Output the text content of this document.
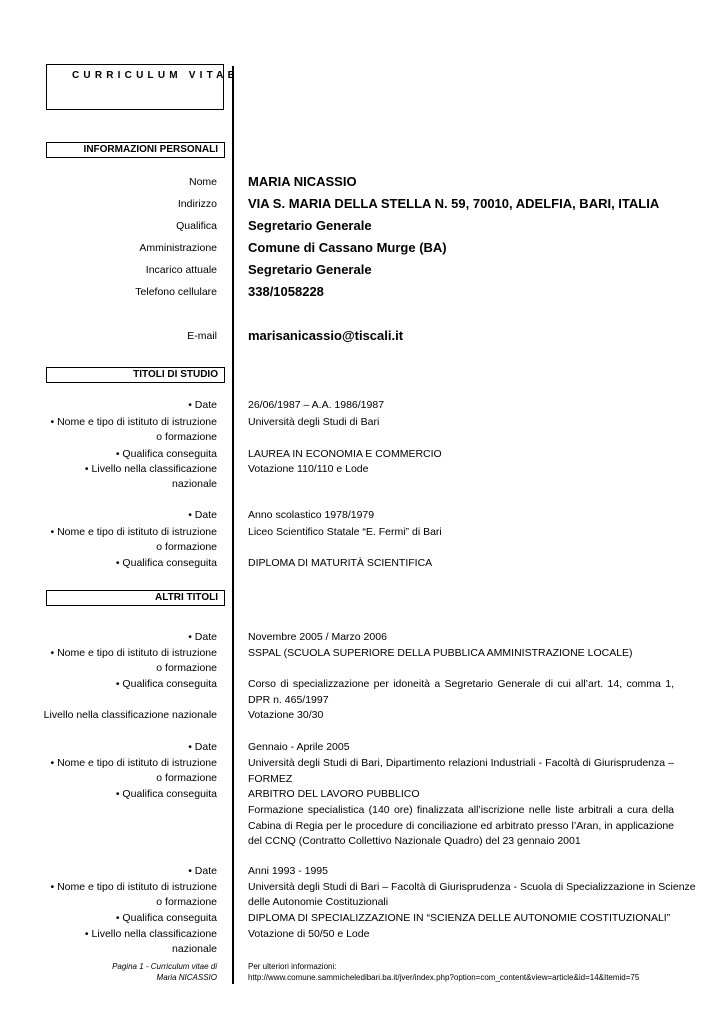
CURRICULUM VITAE
INFORMAZIONI PERSONALI
Nome MARIA NICASSIO
Indirizzo VIA S. MARIA DELLA STELLA N. 59, 70010, ADELFIA, BARI, ITALIA
Qualifica Segretario Generale
Amministrazione Comune di Cassano Murge (BA)
Incarico attuale Segretario Generale
Telefono cellulare 338/1058228
E-mail marisanicassio@tiscali.it
TITOLI DI STUDIO
• Date
• Nome e tipo di istituto di istruzione
o formazione
• Qualifica conseguita
• Livello nella classificazione
nazionale
26/06/1987 – A.A. 1986/1987
Università degli Studi di Bari
LAUREA IN ECONOMIA E COMMERCIO
Votazione 110/110 e Lode
• Date
• Nome e tipo di istituto di istruzione
o formazione
• Qualifica conseguita
Anno scolastico 1978/1979
Liceo Scientifico Statale “E. Fermi” di Bari
DIPLOMA DI MATURITÀ SCIENTIFICA
ALTRI TITOLI
• Date
• Nome e tipo di istituto di istruzione
o formazione
• Qualifica conseguita
Livello nella classificazione nazionale
Novembre 2005 / Marzo 2006
SSPAL (SCUOLA SUPERIORE DELLA PUBBLICA AMMINISTRAZIONE LOCALE)
Corso di specializzazione per idoneità a Segretario Generale di cui all’art. 14, comma 1, DPR n. 465/1997
Votazione 30/30
• Date
• Nome e tipo di istituto di istruzione
o formazione
• Qualifica conseguita
Gennaio - Aprile 2005
Università degli Studi di Bari, Dipartimento relazioni Industriali - Facoltà di Giurisprudenza – FORMEZ
ARBITRO DEL LAVORO PUBBLICO
Formazione specialistica (140 ore) finalizzata all’iscrizione nelle liste arbitrali a cura della Cabina di Regia per le procedure di conciliazione ed arbitrato presso l’Aran, in applicazione del CCNQ (Contratto Collettivo Nazionale Quadro) del 23 gennaio 2001
• Date
• Nome e tipo di istituto di istruzione
o formazione
• Qualifica conseguita
• Livello nella classificazione
nazionale
Anni 1993 - 1995
Università degli Studi di Bari – Facoltà di Giurisprudenza - Scuola di Specializzazione in Scienze
delle Autonomie Costituzionali
DIPLOMA DI SPECIALIZZAZIONE IN “SCIENZA DELLE AUTONOMIE COSTITUZIONALI”
Votazione di 50/50 e Lode
Pagina 1 - Curriculum vitae di
Maria NICASSIO
Per ulteriori informazioni:
http://www.comune.sammicheledibari.ba.it/jver/index.php?option=com_content&view=article&id=14&Itemid=75
